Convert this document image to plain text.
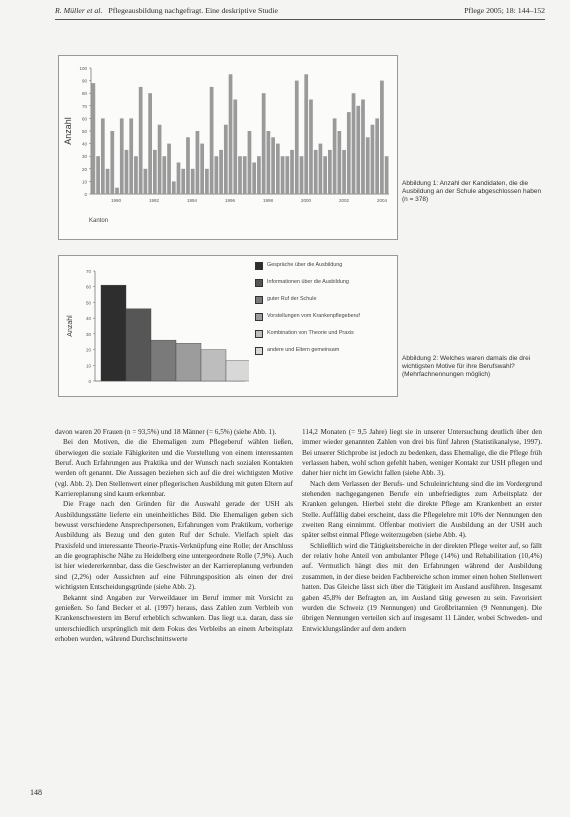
R. Müller et al. Pflegeausbildung nachgefragt. Eine deskriptive Studie	Pflege 2005; 18: 144–152
0
10
20
30
40
50
60
70
80
90
100
1990	1992	1994	1996	1998	2000	2002	2004
Anzahl
Kanton
Abbildung 1: Anzahl der Kandidaten, die die Ausbildung an der Schule abgeschlossen haben (n = 378)
0
10
20
30
40
50
60
70
Anzahl
Gespräche über die Ausbildung
Informationen über die Ausbildung
guter Ruf der Schule
Vorstellungen vom Krankenpflegeberuf
Kombination von Theorie und Praxis
andere und Eltern gemeinsam
Abbildung 2: Welches waren damals die drei wichtigsten Motive für ihre Berufswahl? (Mehrfachnennungen möglich)

davon waren 20 Frauen (n = 93,5%) und 18 Männer (= 6,5%) (siehe Abb. 1).

Bei den Motiven, die die Ehemaligen zum Pflegeberuf wählen ließen, überwiegen die soziale Fähigkeiten und die Vorstellung von einem interessanten Beruf. Auch Erfahrungen aus Praktika und der Wunsch nach sozialen Kontakten werden oft genannt. Die Aussagen beziehen sich auf die drei wichtigsten Motive (vgl. Abb. 2). Den Stellenwert einer pflegerischen Ausbildung mit guten Eltern auf Karriereplanung sind kaum erkennbar.

Die Frage nach den Gründen für die Auswahl gerade der USH als Ausbildungsstätte lieferte ein uneinheitliches Bild. Die Ehemaligen geben sich bewusst verschiedene Ansprechpersonen, Erfahrungen vom Praktikum, vorherige Ausbildung als Bezug und den guten Ruf der Schule. Vielfach spielt das Praxisfeld und interessante Theorie-Praxis-Verknüpfung eine Rolle; der Anschluss an die geographische Nähe zu Heidelberg eine untergeordnete Rolle (7,9%). Auch ist hier wiedererkennbar, dass die Geschwister an der Karriereplanung verbunden sind (2,2%) oder Aussichten auf eine Führungsposition als einen der drei wichtigsten Entscheidungsgründe (siehe Abb. 2).

Bekannt sind Angaben zur Verweildauer im Beruf immer mit Vorsicht zu genießen. So fand Becker et al. (1997) heraus, dass Zahlen zum Verbleib von Krankenschwestern im Beruf erheblich schwanken. Das liegt u.a. daran, dass sie unterschiedlich ursprünglich mit dem Fokus des Verbleibs an einem Arbeitsplatz erhoben wurden, während Durchschnittswerte

114,2 Monaten (= 9,5 Jahre) liegt sie in unserer Untersuchung deutlich über den immer wieder genannten Zahlen von drei bis fünf Jahren (Statistikanalyse, 1997). Bei unserer Stichprobe ist jedoch zu bedenken, dass Ehemalige, die die Pflege früh verlassen haben, wohl schon gefehlt haben, weniger Kontakt zur USH pflegen und daher hier nicht im Gewicht fallen (siehe Abb. 3).

Nach dem Verlassen der Berufs- und Schuleinrichtung sind die im Vordergrund stehenden nachgegangenen Berufe ein unbefriedigtes zum Arbeitsplatz der Kranken gelungen. Hierbei steht die direkte Pflege am Krankenbett an erster Stelle. Auffällig dabei erscheint, dass die Pflegelehre mit 10% der Nennungen den zweiten Rang einnimmt. Offenbar motiviert die Ausbildung an der USH auch später selbst einmal Pflege weiterzugeben (siehe Abb. 4).

Schließlich wird die Tätigkeitsbereiche in der direkten Pflege weiter auf, so fällt der relativ hohe Anteil von ambulanter Pflege (14%) und Rehabilitation (10,4%) auf. Vermutlich hängt dies mit den Erfahrungen während der Ausbildung zusammen, in der diese beiden Fachbereiche schon immer einen hohen Stellenwert hatten. Das Gleiche lässt sich über die Tätigkeit im Ausland ausführen. Insgesamt gaben 45,8% der Befragten an, im Ausland tätig gewesen zu sein. Favorisiert wurden die Schweiz (19 Nennungen) und Großbritannien (9 Nennungen). Die übrigen Nennungen verteilen sich auf insgesamt 11 Länder, wobei Schweden- und Entwicklungsländer auf dem andern

148
